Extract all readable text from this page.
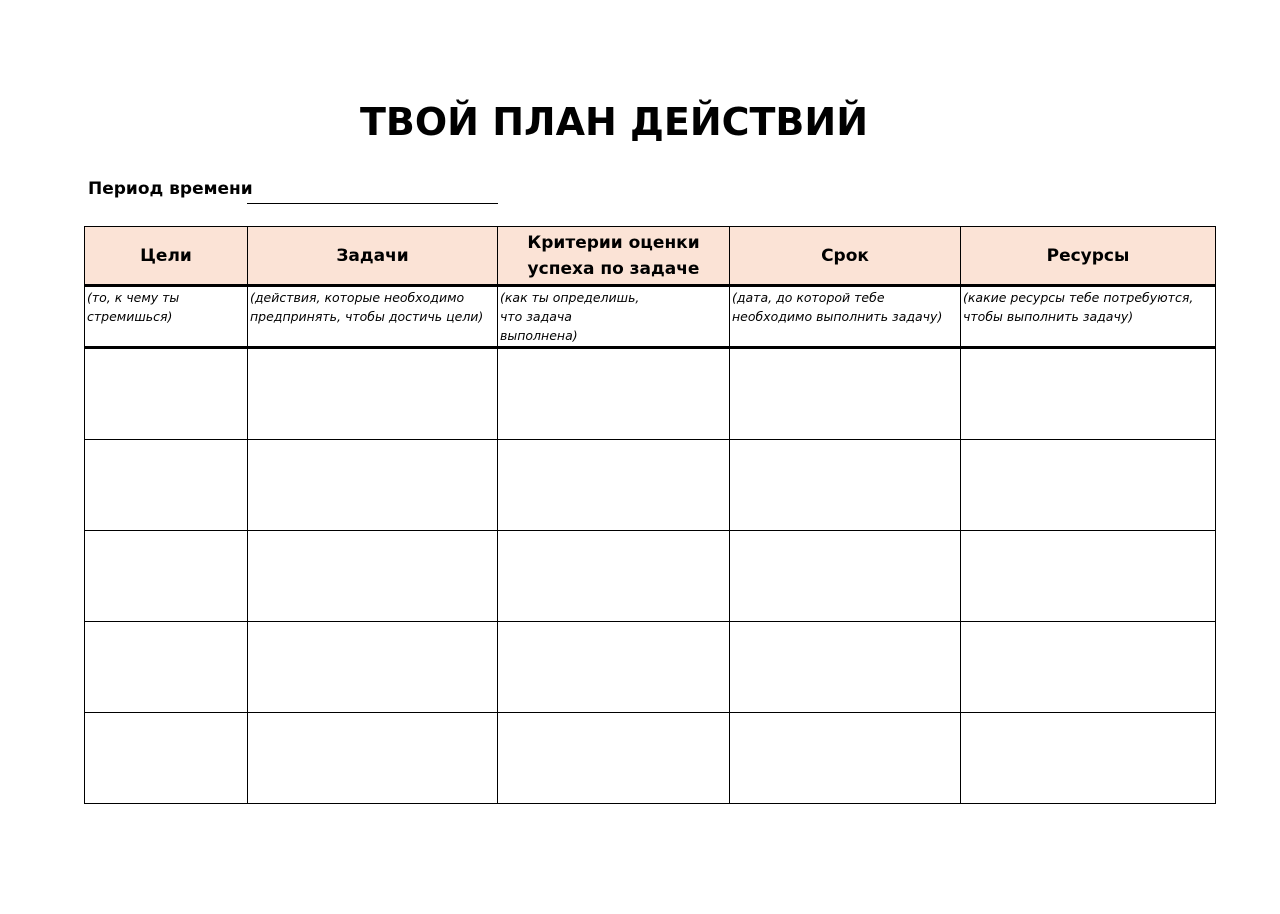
ТВОЙ ПЛАН ДЕЙСТВИЙ
Период времени
Цели	Задачи	Критерии оценки успеха по задаче	Срок	Ресурсы

(то, к чему ты стремишься)	(действия, которые необходимо предпринять, чтобы достичь цели)	(как ты определишь, что задача выполнена)	(дата, до которой тебе необходимо выполнить задачу)	(какие ресурсы тебе потребуются, чтобы выполнить задачу)
